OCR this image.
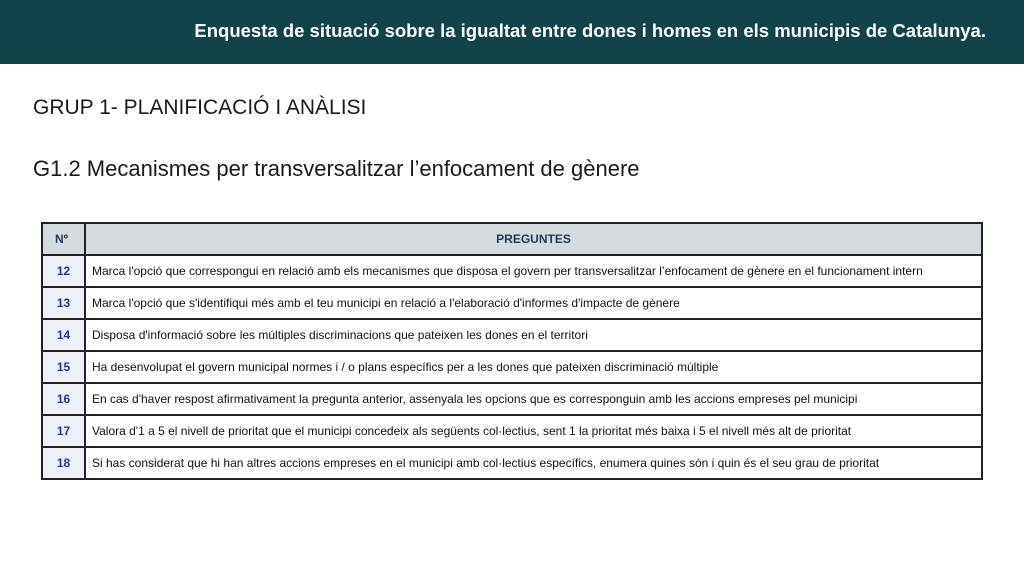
Enquesta de situació sobre la igualtat entre dones i homes en els municipis de Catalunya.
GRUP 1- PLANIFICACIÓ I ANÀLISI
G1.2 Mecanismes per transversalitzar l’enfocament de gènere
Nº	PREGUNTES
12	Marca l'opció que correspongui en relació amb els mecanismes que disposa el govern per transversalitzar l’enfocament de gènere en el funcionament intern
13	Marca l'opció que s'identifiqui més amb el teu municipi en relació a l'elaboració d'informes d'impacte de gènere
14	Disposa d'informació sobre les múltiples discriminacions que pateixen les dones en el territori
15	Ha desenvolupat el govern municipal normes i / o plans específics per a les dones que pateixen discriminació múltiple
16	En cas d'haver respost afirmativament la pregunta anterior, assenyala les opcions que es corresponguin amb les accions empreses pel municipi
17	Valora d'1 a 5 el nivell de prioritat que el municipi concedeix als següents col·lectius, sent 1 la prioritat més baixa i 5 el nivell més alt de prioritat
18	Si has considerat que hi han altres accions empreses en el municipi amb col·lectius específics, enumera quines són i quin és el seu grau de prioritat
